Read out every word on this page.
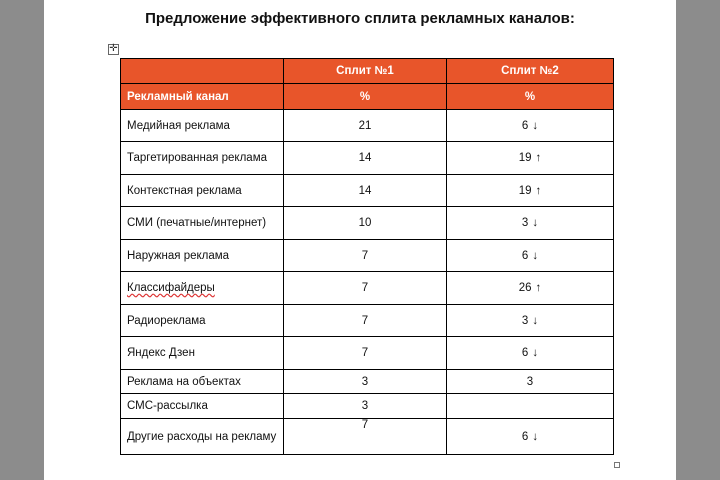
Предложение эффективного сплита рекламных каналов:
✛
	Сплит №1	Сплит №2
Рекламный канал	%	%
Медийная реклама	21	6 ↓
Таргетированная реклама	14	19 ↑
Контекстная реклама	14	19 ↑
СМИ (печатные/интернет)	10	3 ↓
Наружная реклама	7	6 ↓
Классифайдеры	7	26 ↑
Радиореклама	7	3 ↓
Яндекс Дзен	7	6 ↓
Реклама на объектах	3	3
СМС-рассылка	3	
Другие расходы на рекламу	7	6 ↓
